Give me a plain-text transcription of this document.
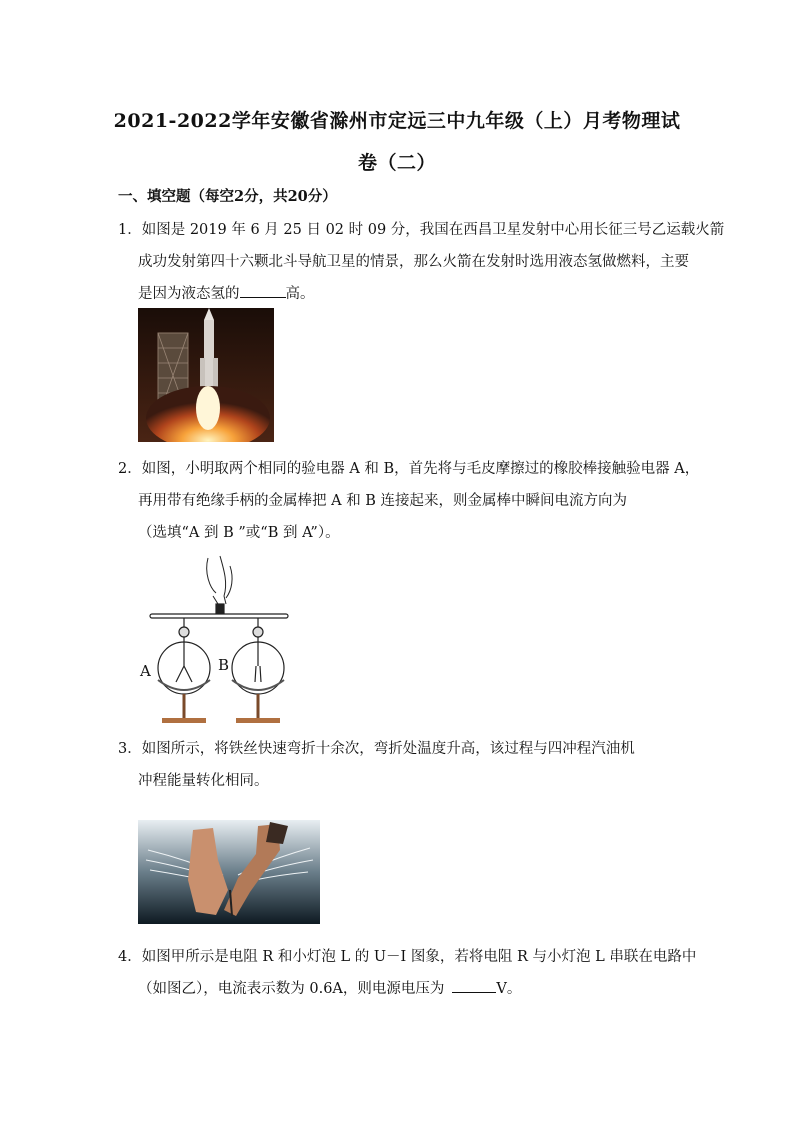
2021-2022学年安徽省滁州市定远三中九年级（上）月考物理试
卷（二）
一、填空题（每空2分，共20分）
1．如图是 2019 年 6 月 25 日 02 时 09 分，我国在西昌卫星发射中心用长征三号乙运载火箭
成功发射第四十六颗北斗导航卫星的情景，那么火箭在发射时选用液态氢做燃料，主要
是因为液态氢的	高。
2．如图，小明取两个相同的验电器 A 和 B，首先将与毛皮摩擦过的橡胶棒接触验电器 A，
再用带有绝缘手柄的金属棒把 A 和 B 连接起来，则金属棒中瞬间电流方向为
（选填“A 到 B ”或“B 到 A”）。
A	B
3．如图所示，将铁丝快速弯折十余次，弯折处温度升高，该过程与四冲程汽油机
冲程能量转化相同。
4．如图甲所示是电阻 R 和小灯泡 L 的 U－I 图象，若将电阻 R 与小灯泡 L 串联在电路中
（如图乙），电流表示数为 0.6A，则电源电压为	V。
